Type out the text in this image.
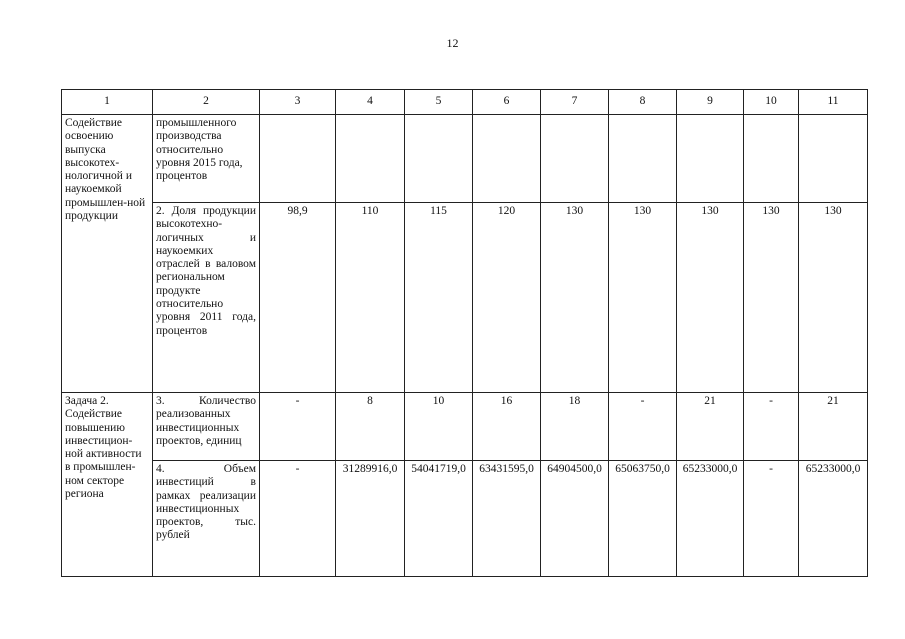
12
1	2	3	4	5	6	7	8	9	10	11
Содействие освоению выпуска высокотех-нологичной и наукоемкой промышлен-ной продукции	промышленного производства относительно уровня 2015 года, процентов									
	2. Доля продукции высокотехно-логичных и наукоемких отраслей в валовом региональном продукте относительно уровня 2011 года, процентов	98,9	110	115	120	130	130	130	130	130
Задача 2. Содействие повышению инвестицион-ной активности в промышлен-ном секторе региона	3. Количество реализованных инвестиционных проектов, единиц	-	8	10	16	18	-	21	-	21
	4. Объем инвестиций в рамках реализации инвестиционных проектов, тыс. рублей	-	31289916,0	54041719,0	63431595,0	64904500,0	65063750,0	65233000,0	-	65233000,0
